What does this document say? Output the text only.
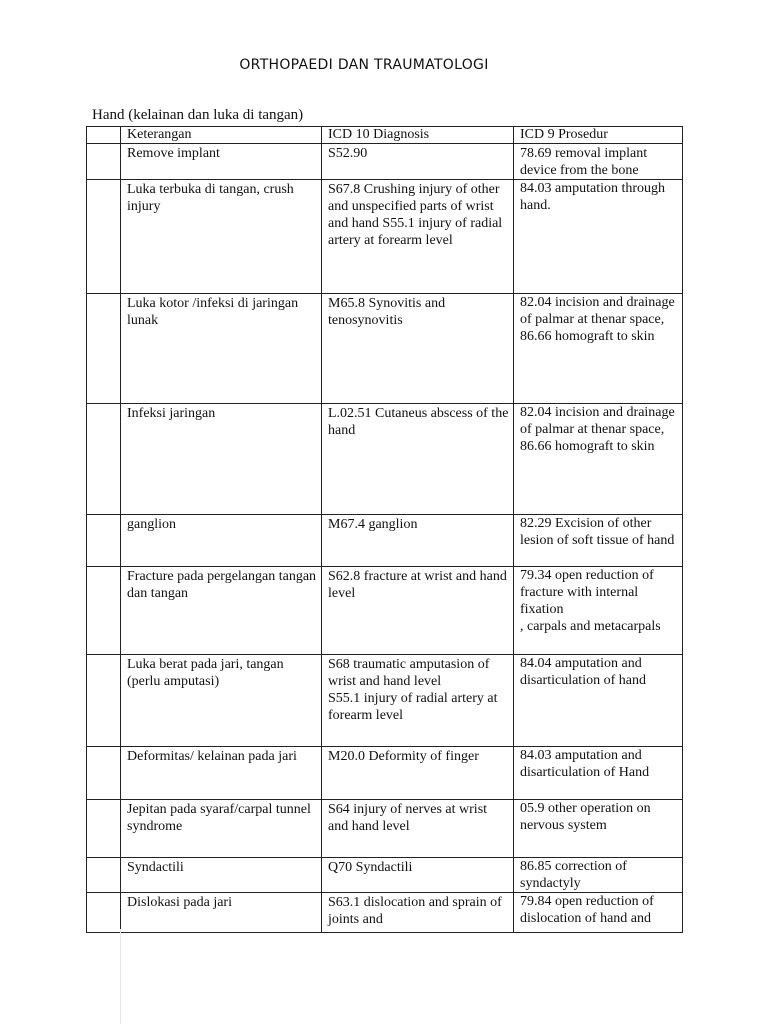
ORTHOPAEDI DAN TRAUMATOLOGI
Hand (kelainan dan luka di tangan)
	Keterangan	ICD 10 Diagnosis	ICD 9 Prosedur
	Remove implant	S52.90	78.69 removal implant device from the bone
	Luka terbuka di tangan, crush injury	S67.8 Crushing injury of other and unspecified parts of wrist and hand S55.1 injury of radial artery at forearm level	84.03 amputation through hand.
	Luka kotor /infeksi di jaringan lunak	M65.8 Synovitis and tenosynovitis	82.04 incision and drainage
of palmar at thenar space, 86.66 homograft to skin
	Infeksi jaringan	L.02.51 Cutaneus abscess of the hand	82.04 incision and drainage
of palmar at thenar space,
86.66 homograft to skin
	ganglion	M67.4 ganglion	82.29 Excision of other lesion of soft tissue of hand
	Fracture pada pergelangan tangan dan tangan	S62.8 fracture at wrist and hand level	79.34 open reduction of fracture with internal fixation
, carpals and metacarpals
	Luka berat pada jari, tangan (perlu amputasi)	S68 traumatic amputasion of wrist and hand level
S55.1 injury of radial artery at forearm level	84.04 amputation and disarticulation of hand
	Deformitas/ kelainan pada jari	M20.0 Deformity of finger	84.03 amputation and disarticulation of Hand
	Jepitan pada syaraf/carpal tunnel syndrome	S64 injury of nerves at wrist and hand level	05.9 other operation on nervous system
	Syndactili	Q70 Syndactili	86.85 correction of syndactyly
	Dislokasi pada jari	S63.1 dislocation and sprain of joints and	79.84 open reduction of dislocation of hand and
